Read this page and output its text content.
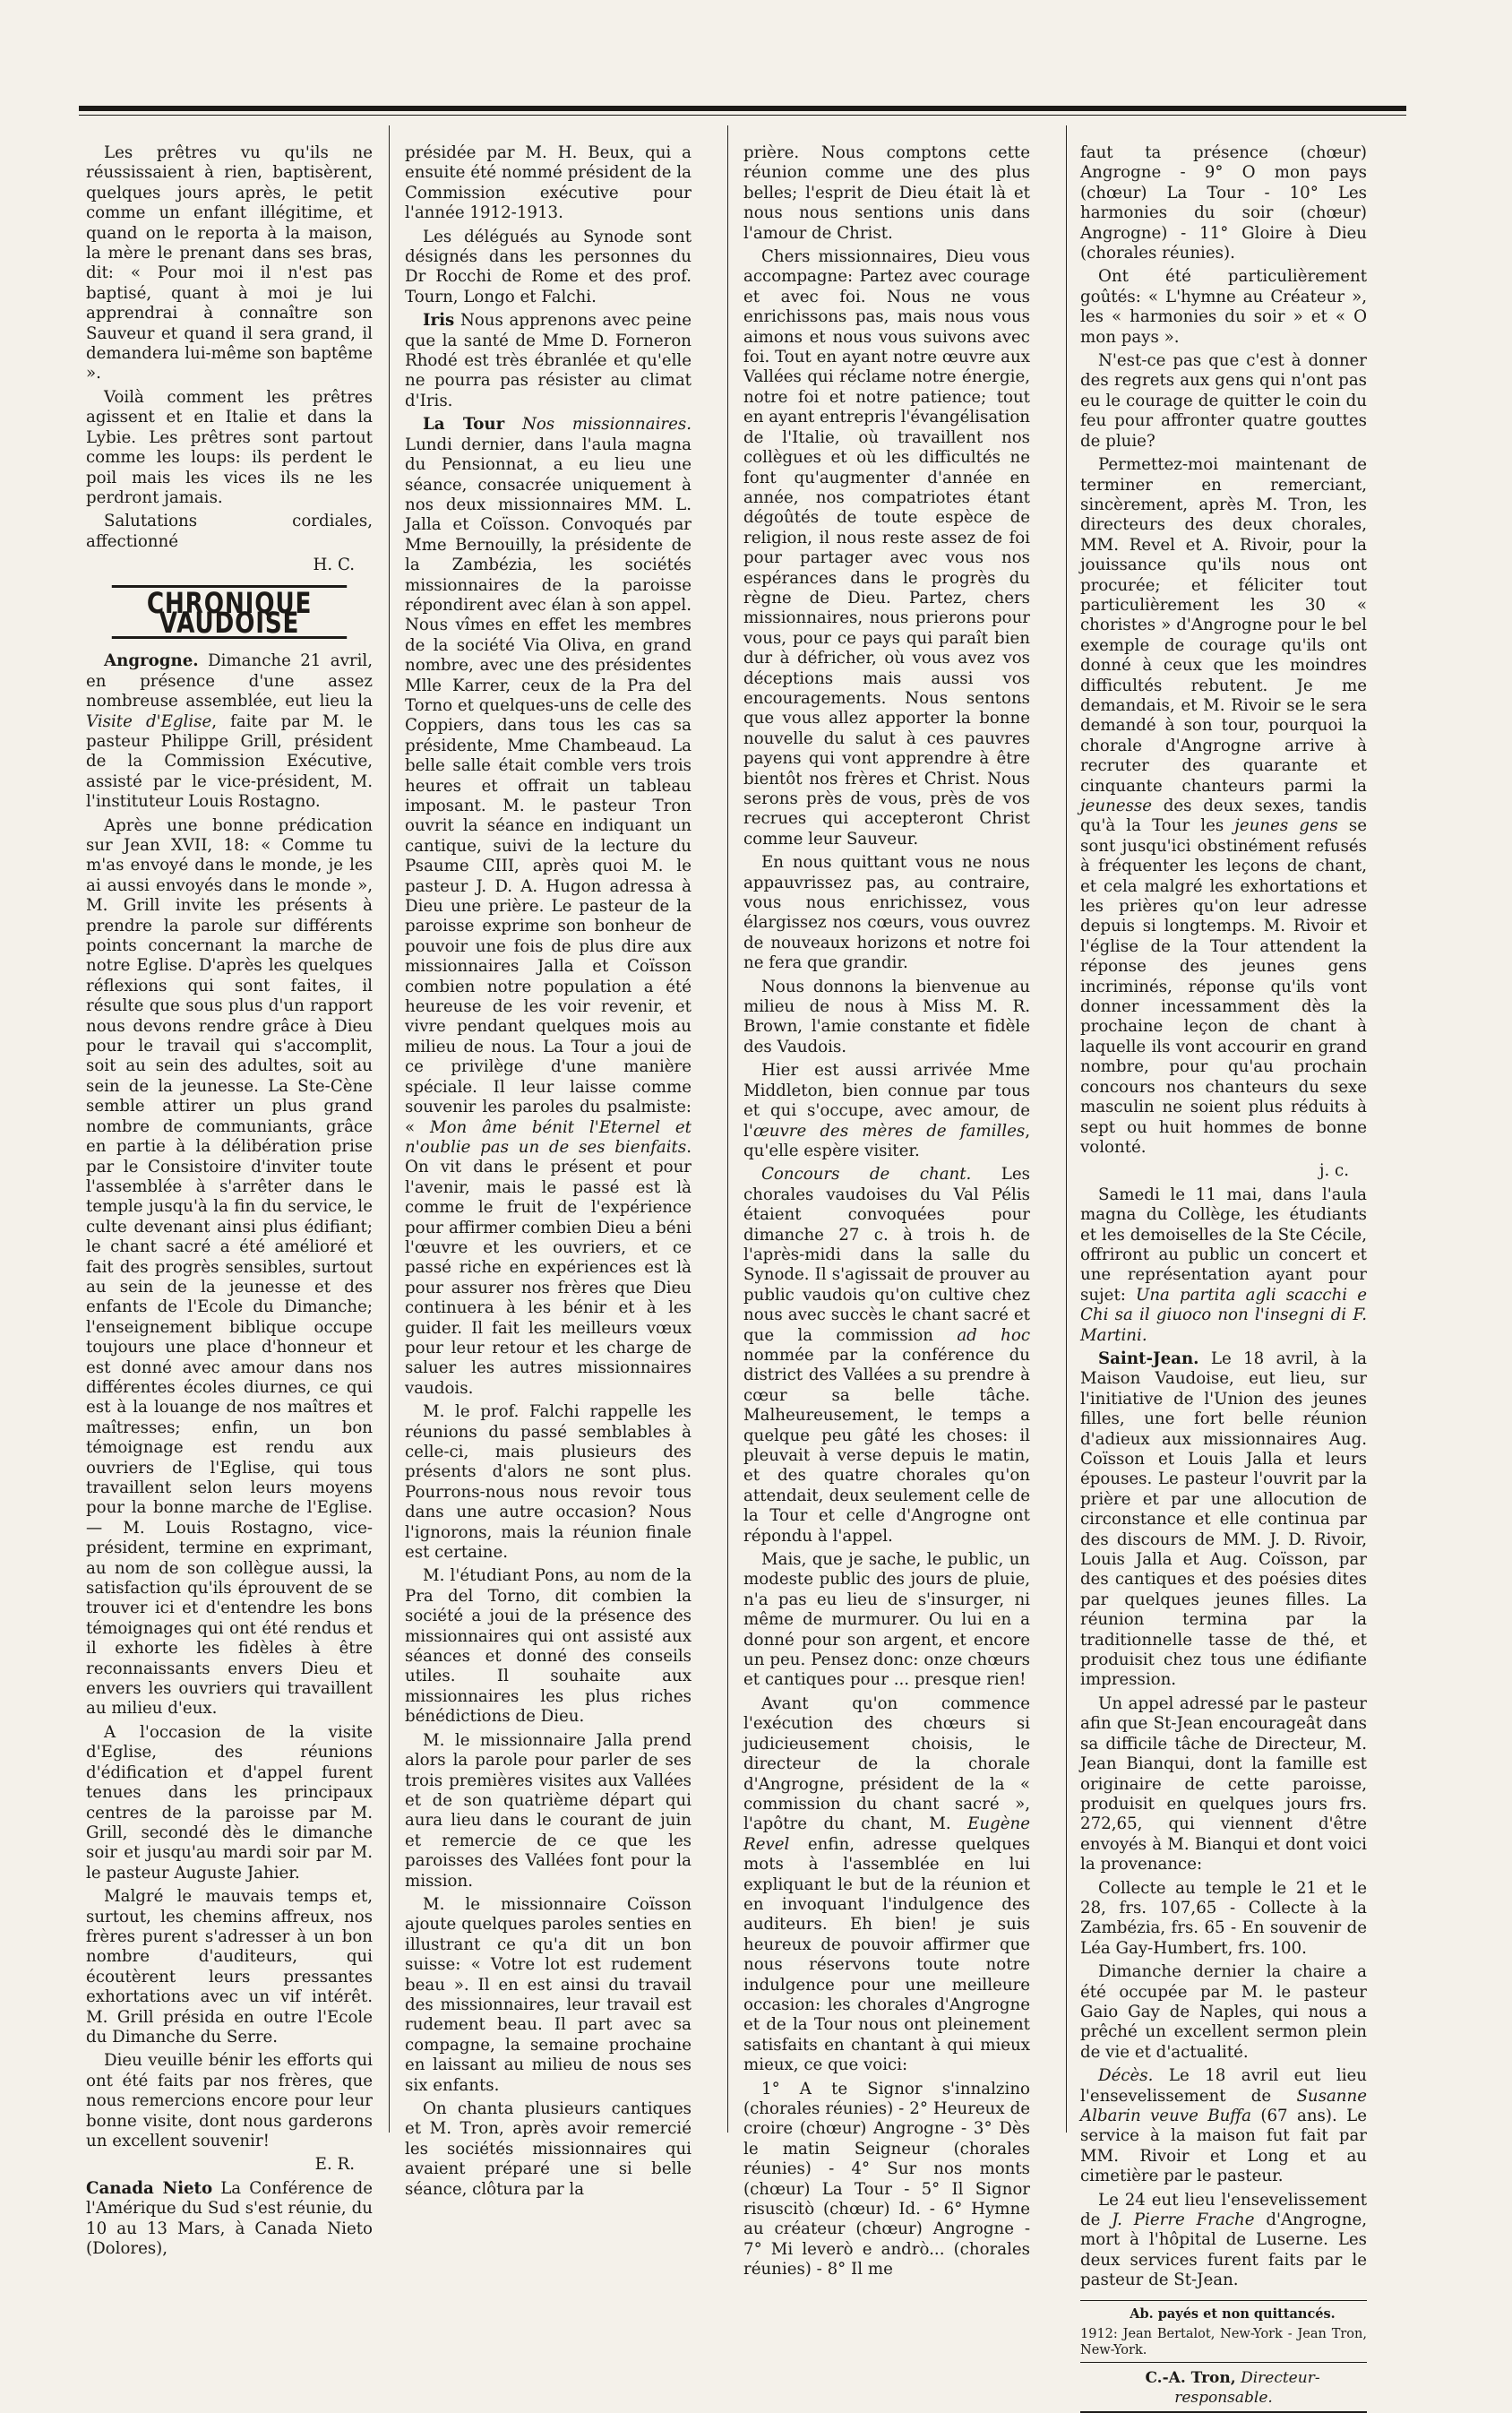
Les prêtres vu qu'ils ne réussissaient à rien, baptisèrent, quelques jours après, le petit comme un enfant illégitime, et quand on le reporta à la maison, la mère le prenant dans ses bras, dit: « Pour moi il n'est pas baptisé, quant à moi je lui apprendrai à connaître son Sauveur et quand il sera grand, il demandera lui-même son baptême ».

Voilà comment les prêtres agissent et en Italie et dans la Lybie. Les prêtres sont partout comme les loups: ils perdent le poil mais les vices ils ne les perdront jamais.

Salutations cordiales, affectionné

H. C.

CHRONIQUE VAUDOISE

Angrogne. Dimanche 21 avril, en présence d'une assez nombreuse assemblée, eut lieu la Visite d'Eglise, faite par M. le pasteur Philippe Grill, président de la Commission Exécutive, assisté par le vice-président, M. l'instituteur Louis Rostagno.

Après une bonne prédication sur Jean XVII, 18: « Comme tu m'as envoyé dans le monde, je les ai aussi envoyés dans le monde », M. Grill invite les présents à prendre la parole sur différents points concernant la marche de notre Eglise. D'après les quelques réflexions qui sont faites, il résulte que sous plus d'un rapport nous devons rendre grâce à Dieu pour le travail qui s'accomplit, soit au sein des adultes, soit au sein de la jeunesse. La Ste-Cène semble attirer un plus grand nombre de communiants, grâce en partie à la délibération prise par le Consistoire d'inviter toute l'assemblée à s'arrêter dans le temple jusqu'à la fin du service, le culte devenant ainsi plus édifiant; le chant sacré a été amélioré et fait des progrès sensibles, surtout au sein de la jeunesse et des enfants de l'Ecole du Dimanche; l'enseignement biblique occupe toujours une place d'honneur et est donné avec amour dans nos différentes écoles diurnes, ce qui est à la louange de nos maîtres et maîtresses; enfin, un bon témoignage est rendu aux ouvriers de l'Eglise, qui tous travaillent selon leurs moyens pour la bonne marche de l'Eglise. — M. Louis Rostagno, vice-président, termine en exprimant, au nom de son collègue aussi, la satisfaction qu'ils éprouvent de se trouver ici et d'entendre les bons témoignages qui ont été rendus et il exhorte les fidèles à être reconnaissants envers Dieu et envers les ouvriers qui travaillent au milieu d'eux.

A l'occasion de la visite d'Eglise, des réunions d'édification et d'appel furent tenues dans les principaux centres de la paroisse par M. Grill, secondé dès le dimanche soir et jusqu'au mardi soir par M. le pasteur Auguste Jahier.

Malgré le mauvais temps et, surtout, les chemins affreux, nos frères purent s'adresser à un bon nombre d'auditeurs, qui écoutèrent leurs pressantes exhortations avec un vif intérêt. M. Grill présida en outre l'Ecole du Dimanche du Serre.

Dieu veuille bénir les efforts qui ont été faits par nos frères, que nous remercions encore pour leur bonne visite, dont nous garderons un excellent souvenir!

E. R.

Canada Nieto La Conférence de l'Amérique du Sud s'est réunie, du 10 au 13 Mars, à Canada Nieto (Dolores),

présidée par M. H. Beux, qui a ensuite été nommé président de la Commission exécutive pour l'année 1912-1913.

Les délégués au Synode sont désignés dans les personnes du Dr Rocchi de Rome et des prof. Tourn, Longo et Falchi.

Iris Nous apprenons avec peine que la santé de Mme D. Forneron Rhodé est très ébranlée et qu'elle ne pourra pas résister au climat d'Iris.

La Tour Nos missionnaires. Lundi dernier, dans l'aula magna du Pensionnat, a eu lieu une séance, consacrée uniquement à nos deux missionnaires MM. L. Jalla et Coïsson. Convoqués par Mme Bernouilly, la présidente de la Zambézia, les sociétés missionnaires de la paroisse répondirent avec élan à son appel. Nous vîmes en effet les membres de la société Via Oliva, en grand nombre, avec une des présidentes Mlle Karrer, ceux de la Pra del Torno et quelques-uns de celle des Coppiers, dans tous les cas sa présidente, Mme Chambeaud. La belle salle était comble vers trois heures et offrait un tableau imposant. M. le pasteur Tron ouvrit la séance en indiquant un cantique, suivi de la lecture du Psaume CIII, après quoi M. le pasteur J. D. A. Hugon adressa à Dieu une prière. Le pasteur de la paroisse exprime son bonheur de pouvoir une fois de plus dire aux missionnaires Jalla et Coïsson combien notre population a été heureuse de les voir revenir, et vivre pendant quelques mois au milieu de nous. La Tour a joui de ce privilège d'une manière spéciale. Il leur laisse comme souvenir les paroles du psalmiste: « Mon âme bénit l'Eternel et n'oublie pas un de ses bienfaits. On vit dans le présent et pour l'avenir, mais le passé est là comme le fruit de l'expérience pour affirmer combien Dieu a béni l'œuvre et les ouvriers, et ce passé riche en expériences est là pour assurer nos frères que Dieu continuera à les bénir et à les guider. Il fait les meilleurs vœux pour leur retour et les charge de saluer les autres missionnaires vaudois.

M. le prof. Falchi rappelle les réunions du passé semblables à celle-ci, mais plusieurs des présents d'alors ne sont plus. Pourrons-nous nous revoir tous dans une autre occasion? Nous l'ignorons, mais la réunion finale est certaine.

M. l'étudiant Pons, au nom de la Pra del Torno, dit combien la société a joui de la présence des missionnaires qui ont assisté aux séances et donné des conseils utiles. Il souhaite aux missionnaires les plus riches bénédictions de Dieu.

M. le missionnaire Jalla prend alors la parole pour parler de ses trois premières visites aux Vallées et de son quatrième départ qui aura lieu dans le courant de juin et remercie de ce que les paroisses des Vallées font pour la mission.

M. le missionnaire Coïsson ajoute quelques paroles senties en illustrant ce qu'a dit un bon suisse: « Votre lot est rudement beau ». Il en est ainsi du travail des missionnaires, leur travail est rudement beau. Il part avec sa compagne, la semaine prochaine en laissant au milieu de nous ses six enfants.

On chanta plusieurs cantiques et M. Tron, après avoir remercié les sociétés missionnaires qui avaient préparé une si belle séance, clôtura par la

prière. Nous comptons cette réunion comme une des plus belles; l'esprit de Dieu était là et nous nous sentions unis dans l'amour de Christ.

Chers missionnaires, Dieu vous accompagne: Partez avec courage et avec foi. Nous ne vous enrichissons pas, mais nous vous aimons et nous vous suivons avec foi. Tout en ayant notre œuvre aux Vallées qui réclame notre énergie, notre foi et notre patience; tout en ayant entrepris l'évangélisation de l'Italie, où travaillent nos collègues et où les difficultés ne font qu'augmenter d'année en année, nos compatriotes étant dégoûtés de toute espèce de religion, il nous reste assez de foi pour partager avec vous nos espérances dans le progrès du règne de Dieu. Partez, chers missionnaires, nous prierons pour vous, pour ce pays qui paraît bien dur à défricher, où vous avez vos déceptions mais aussi vos encouragements. Nous sentons que vous allez apporter la bonne nouvelle du salut à ces pauvres payens qui vont apprendre à être bientôt nos frères et Christ. Nous serons près de vous, près de vos recrues qui accepteront Christ comme leur Sauveur.

En nous quittant vous ne nous appauvrissez pas, au contraire, vous nous enrichissez, vous élargissez nos cœurs, vous ouvrez de nouveaux horizons et notre foi ne fera que grandir.

Nous donnons la bienvenue au milieu de nous à Miss M. R. Brown, l'amie constante et fidèle des Vaudois.

Hier est aussi arrivée Mme Middleton, bien connue par tous et qui s'occupe, avec amour, de l'œuvre des mères de familles, qu'elle espère visiter.

Concours de chant. Les chorales vaudoises du Val Pélis étaient convoquées pour dimanche 27 c. à trois h. de l'après-midi dans la salle du Synode. Il s'agissait de prouver au public vaudois qu'on cultive chez nous avec succès le chant sacré et que la commission ad hoc nommée par la conférence du district des Vallées a su prendre à cœur sa belle tâche. Malheureusement, le temps a quelque peu gâté les choses: il pleuvait à verse depuis le matin, et des quatre chorales qu'on attendait, deux seulement celle de la Tour et celle d'Angrogne ont répondu à l'appel.

Mais, que je sache, le public, un modeste public des jours de pluie, n'a pas eu lieu de s'insurger, ni même de murmurer. Ou lui en a donné pour son argent, et encore un peu. Pensez donc: onze chœurs et cantiques pour ... presque rien!

Avant qu'on commence l'exécution des chœurs si judicieusement choisis, le directeur de la chorale d'Angrogne, président de la « commission du chant sacré », l'apôtre du chant, M. Eugène Revel enfin, adresse quelques mots à l'assemblée en lui expliquant le but de la réunion et en invoquant l'indulgence des auditeurs. Eh bien! je suis heureux de pouvoir affirmer que nous réservons toute notre indulgence pour une meilleure occasion: les chorales d'Angrogne et de la Tour nous ont pleinement satisfaits en chantant à qui mieux mieux, ce que voici:

1° A te Signor s'innalzino (chorales réunies) - 2° Heureux de croire (chœur) Angrogne - 3° Dès le matin Seigneur (chorales réunies) - 4° Sur nos monts (chœur) La Tour - 5° Il Signor risuscitò (chœur) Id. - 6° Hymne au créateur (chœur) Angrogne - 7° Mi leverò e andrò... (chorales réunies) - 8° Il me

faut ta présence (chœur) Angrogne - 9° O mon pays (chœur) La Tour - 10° Les harmonies du soir (chœur) Angrogne) - 11° Gloire à Dieu (chorales réunies).

Ont été particulièrement goûtés: « L'hymne au Créateur », les « harmonies du soir » et « O mon pays ».

N'est-ce pas que c'est à donner des regrets aux gens qui n'ont pas eu le courage de quitter le coin du feu pour affronter quatre gouttes de pluie?

Permettez-moi maintenant de terminer en remerciant, sincèrement, après M. Tron, les directeurs des deux chorales, MM. Revel et A. Rivoir, pour la jouissance qu'ils nous ont procurée; et féliciter tout particulièrement les 30 « choristes » d'Angrogne pour le bel exemple de courage qu'ils ont donné à ceux que les moindres difficultés rebutent. Je me demandais, et M. Rivoir se le sera demandé à son tour, pourquoi la chorale d'Angrogne arrive à recruter des quarante et cinquante chanteurs parmi la jeunesse des deux sexes, tandis qu'à la Tour les jeunes gens se sont jusqu'ici obstinément refusés à fréquenter les leçons de chant, et cela malgré les exhortations et les prières qu'on leur adresse depuis si longtemps. M. Rivoir et l'église de la Tour attendent la réponse des jeunes gens incriminés, réponse qu'ils vont donner incessamment dès la prochaine leçon de chant à laquelle ils vont accourir en grand nombre, pour qu'au prochain concours nos chanteurs du sexe masculin ne soient plus réduits à sept ou huit hommes de bonne volonté.

j. c.

Samedi le 11 mai, dans l'aula magna du Collège, les étudiants et les demoiselles de la Ste Cécile, offriront au public un concert et une représentation ayant pour sujet: Una partita agli scacchi e Chi sa il giuoco non l'insegni di F. Martini.

Saint-Jean. Le 18 avril, à la Maison Vaudoise, eut lieu, sur l'initiative de l'Union des jeunes filles, une fort belle réunion d'adieux aux missionnaires Aug. Coïsson et Louis Jalla et leurs épouses. Le pasteur l'ouvrit par la prière et par une allocution de circonstance et elle continua par des discours de MM. J. D. Rivoir, Louis Jalla et Aug. Coïsson, par des cantiques et des poésies dites par quelques jeunes filles. La réunion termina par la traditionnelle tasse de thé, et produisit chez tous une édifiante impression.

Un appel adressé par le pasteur afin que St-Jean encourageât dans sa difficile tâche de Directeur, M. Jean Bianqui, dont la famille est originaire de cette paroisse, produisit en quelques jours frs. 272,65, qui viennent d'être envoyés à M. Bianqui et dont voici la provenance:

Collecte au temple le 21 et le 28, frs. 107,65 - Collecte à la Zambézia, frs. 65 - En souvenir de Léa Gay-Humbert, frs. 100.

Dimanche dernier la chaire a été occupée par M. le pasteur Gaio Gay de Naples, qui nous a prêché un excellent sermon plein de vie et d'actualité.

Décès. Le 18 avril eut lieu l'ensevelissement de Susanne Albarin veuve Buffa (67 ans). Le service à la maison fut fait par MM. Rivoir et Long et au cimetière par le pasteur.

Le 24 eut lieu l'ensevelissement de J. Pierre Frache d'Angrogne, mort à l'hôpital de Luserne. Les deux services furent faits par le pasteur de St-Jean.

Ab. payés et non quittancés.

1912: Jean Bertalot, New-York - Jean Tron, New-York.

C.-A. Tron, Directeur-responsable.
